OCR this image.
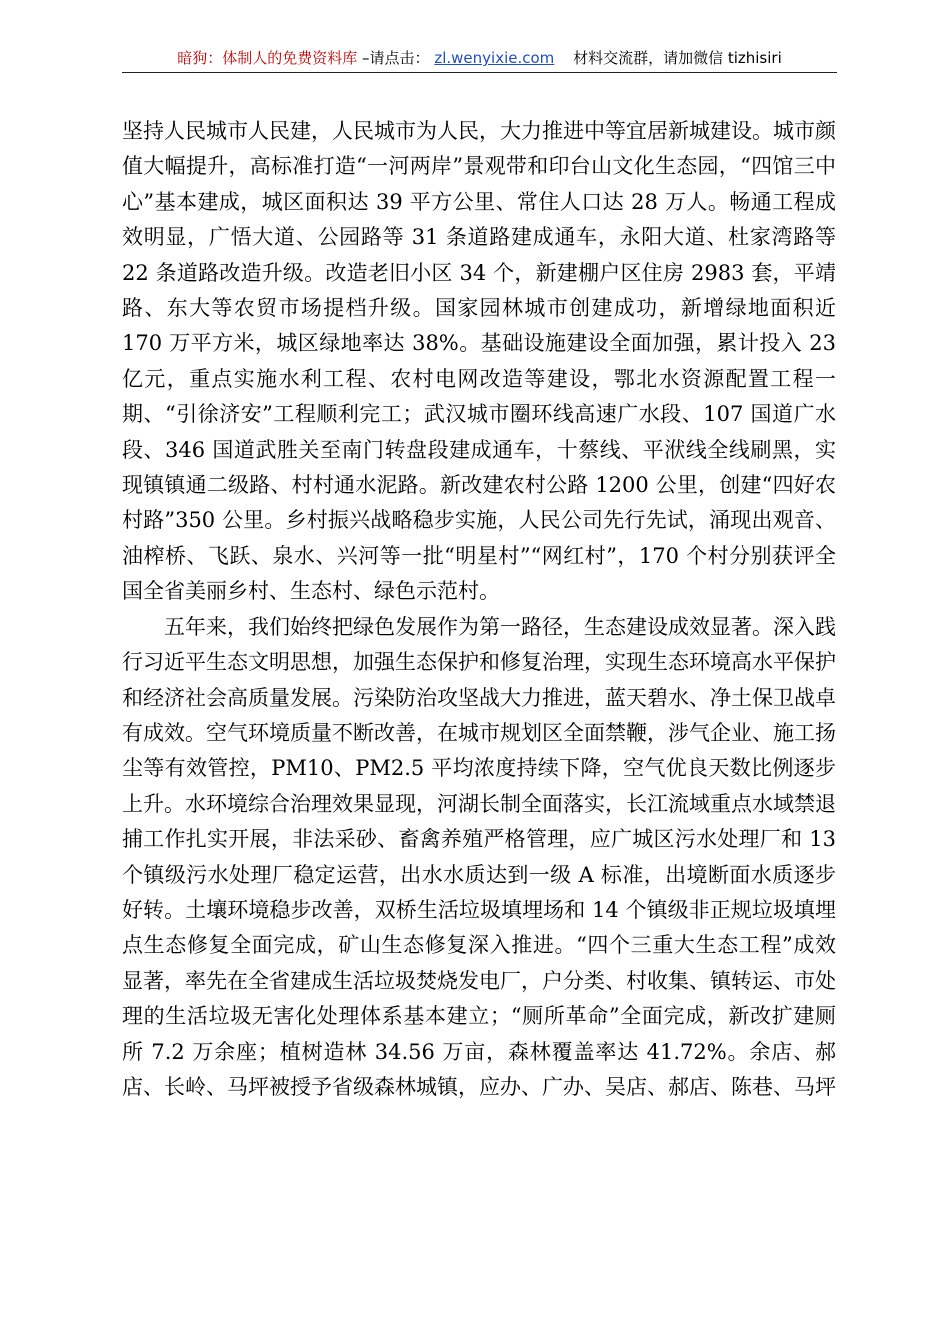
暗狗：体制人的免费资料库 –请点击： zl.wenyixie.com 材料交流群，请加微信 tizhisiri

坚持人民城市人民建，人民城市为人民，大力推进中等宜居新城建设。城市颜值大幅提升，高标准打造“一河两岸”景观带和印台山文化生态园，“四馆三中心”基本建成，城区面积达 39 平方公里、常住人口达 28 万人。畅通工程成效明显，广悟大道、公园路等 31 条道路建成通车，永阳大道、杜家湾路等 22 条道路改造升级。改造老旧小区 34 个，新建棚户区住房 2983 套，平靖路、东大等农贸市场提档升级。国家园林城市创建成功，新增绿地面积近 170 万平方米，城区绿地率达 38%。基础设施建设全面加强，累计投入 23 亿元，重点实施水利工程、农村电网改造等建设，鄂北水资源配置工程一期、“引徐济安”工程顺利完工；武汉城市圈环线高速广水段、107 国道广水段、346 国道武胜关至南门转盘段建成通车，十蔡线、平洑线全线刷黑，实现镇镇通二级路、村村通水泥路。新改建农村公路 1200 公里，创建“四好农村路”350 公里。乡村振兴战略稳步实施，人民公司先行先试，涌现出观音、油榨桥、飞跃、泉水、兴河等一批“明星村”“网红村”，170 个村分别获评全国全省美丽乡村、生态村、绿色示范村。

五年来，我们始终把绿色发展作为第一路径，生态建设成效显著。深入践行习近平生态文明思想，加强生态保护和修复治理，实现生态环境高水平保护和经济社会高质量发展。污染防治攻坚战大力推进，蓝天碧水、净土保卫战卓有成效。空气环境质量不断改善，在城市规划区全面禁鞭，涉气企业、施工扬尘等有效管控，PM10、PM2.5 平均浓度持续下降，空气优良天数比例逐步上升。水环境综合治理效果显现，河湖长制全面落实，长江流域重点水域禁退捕工作扎实开展，非法采砂、畜禽养殖严格管理，应广城区污水处理厂和 13 个镇级污水处理厂稳定运营，出水水质达到一级 A 标准，出境断面水质逐步好转。土壤环境稳步改善，双桥生活垃圾填埋场和 14 个镇级非正规垃圾填埋点生态修复全面完成，矿山生态修复深入推进。“四个三重大生态工程”成效显著，率先在全省建成生活垃圾焚烧发电厂，户分类、村收集、镇转运、市处理的生活垃圾无害化处理体系基本建立；“厕所革命”全面完成，新改扩建厕所 7.2 万余座；植树造林 34.56 万亩，森林覆盖率达 41.72%。余店、郝店、长岭、马坪被授予省级森林城镇，应办、广办、吴店、郝店、陈巷、马坪
